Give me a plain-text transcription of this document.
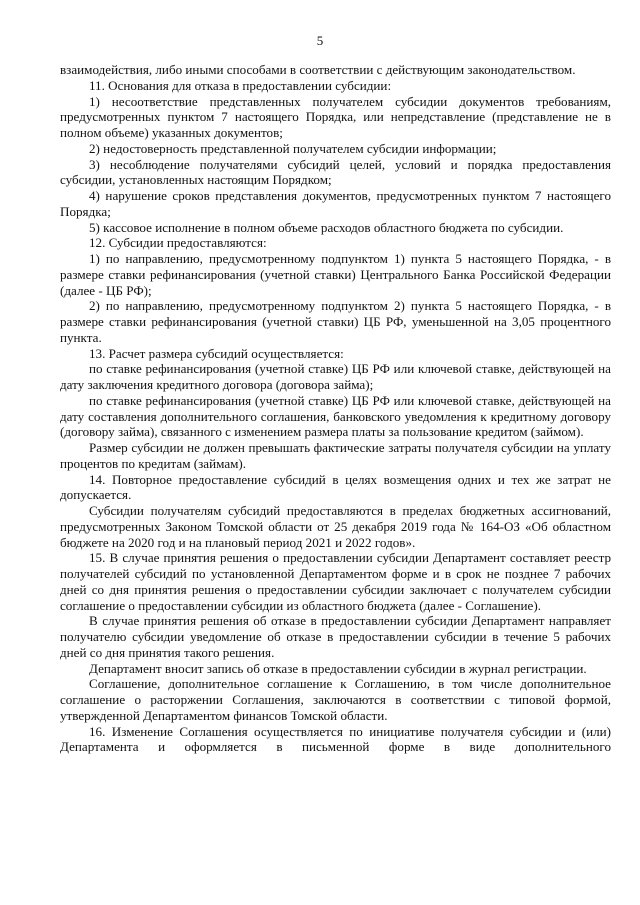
5

взаимодействия, либо иными способами в соответствии с действующим законодательством.

11. Основания для отказа в предоставлении субсидии:

1) несоответствие представленных получателем субсидии документов требованиям, предусмотренных пунктом 7 настоящего Порядка, или непредставление (представление не в полном объеме) указанных документов;

2) недостоверность представленной получателем субсидии информации;

3) несоблюдение получателями субсидий целей, условий и порядка предоставления субсидии, установленных настоящим Порядком;

4) нарушение сроков представления документов, предусмотренных пунктом 7 настоящего Порядка;

5) кассовое исполнение в полном объеме расходов областного бюджета по субсидии.

12. Субсидии предоставляются:

1) по направлению, предусмотренному подпунктом 1) пункта 5 настоящего Порядка, - в размере ставки рефинансирования (учетной ставки) Центрального Банка Российской Федерации (далее - ЦБ РФ);

2) по направлению, предусмотренному подпунктом 2) пункта 5 настоящего Порядка, - в размере ставки рефинансирования (учетной ставки) ЦБ РФ, уменьшенной на 3,05 процентного пункта.

13. Расчет размера субсидий осуществляется:

по ставке рефинансирования (учетной ставке) ЦБ РФ или ключевой ставке, действующей на дату заключения кредитного договора (договора займа);

по ставке рефинансирования (учетной ставке) ЦБ РФ или ключевой ставке, действующей на дату составления дополнительного соглашения, банковского уведомления к кредитному договору (договору займа), связанного с изменением размера платы за пользование кредитом (займом).

Размер субсидии не должен превышать фактические затраты получателя субсидии на уплату процентов по кредитам (займам).

14. Повторное предоставление субсидий в целях возмещения одних и тех же затрат не допускается.

Субсидии получателям субсидий предоставляются в пределах бюджетных ассигнований, предусмотренных Законом Томской области от 25 декабря 2019 года № 164-ОЗ «Об областном бюджете на 2020 год и на плановый период 2021 и 2022 годов».

15. В случае принятия решения о предоставлении субсидии Департамент составляет реестр получателей субсидий по установленной Департаментом форме и в срок не позднее 7 рабочих дней со дня принятия решения о предоставлении субсидии заключает с получателем субсидии соглашение о предоставлении субсидии из областного бюджета (далее - Соглашение).

В случае принятия решения об отказе в предоставлении субсидии Департамент направляет получателю субсидии уведомление об отказе в предоставлении субсидии в течение 5 рабочих дней со дня принятия такого решения.

Департамент вносит запись об отказе в предоставлении субсидии в журнал регистрации.

Соглашение, дополнительное соглашение к Соглашению, в том числе дополнительное соглашение о расторжении Соглашения, заключаются в соответствии с типовой формой, утвержденной Департаментом финансов Томской области.

16. Изменение Соглашения осуществляется по инициативе получателя субсидии и (или) Департамента и оформляется в письменной форме в виде дополнительного
